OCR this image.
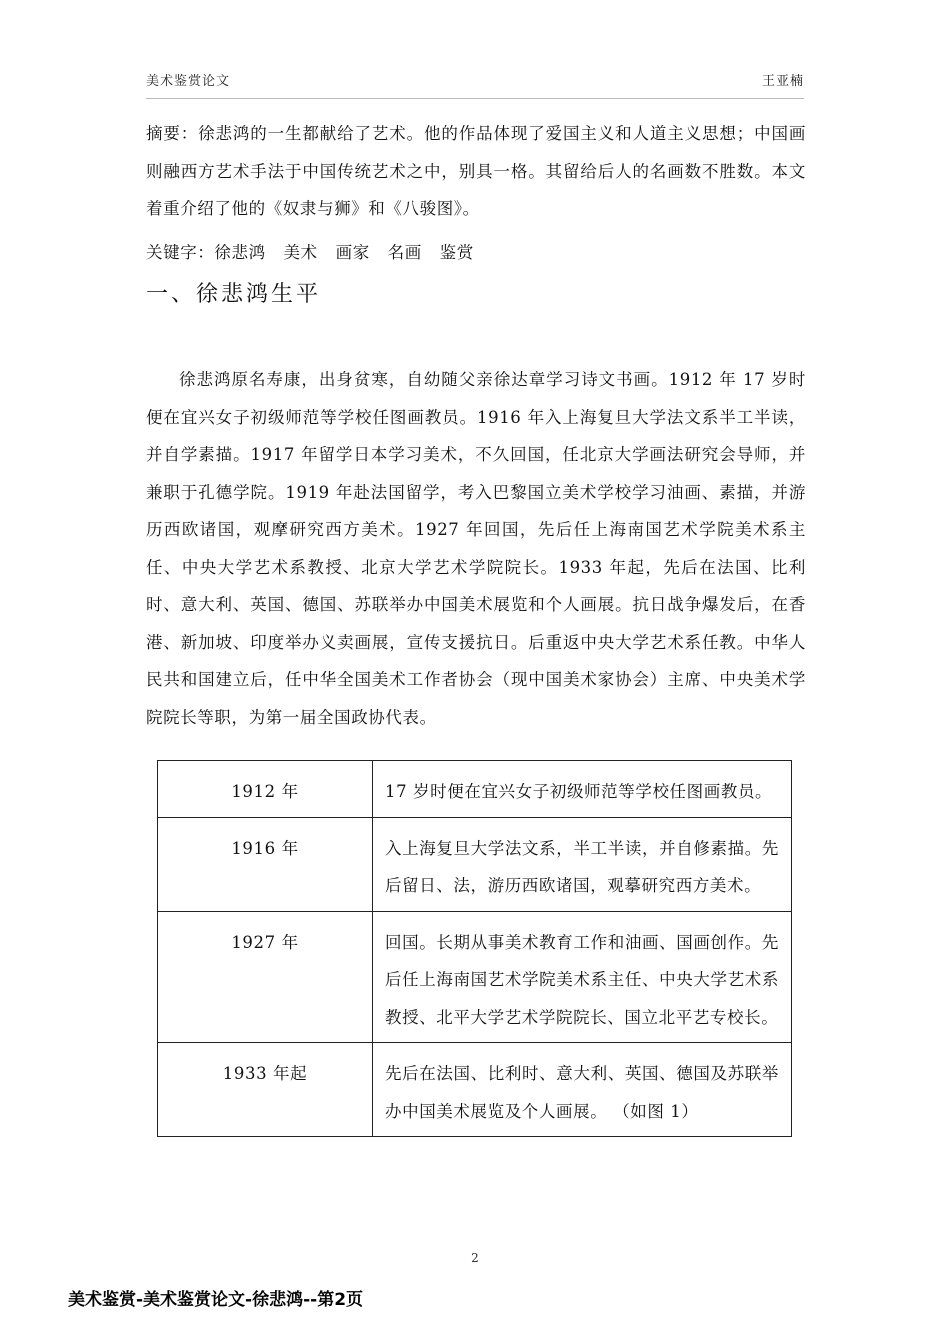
美术鉴赏论文	王亚楠

摘要：徐悲鸿的一生都献给了艺术。他的作品体现了爱国主义和人道主义思想；中国画则融西方艺术手法于中国传统艺术之中，别具一格。其留给后人的名画数不胜数。本文着重介绍了他的《奴隶与狮》和《八骏图》。

关键字：徐悲鸿 美术 画家 名画 鉴赏

一、徐悲鸿生平

徐悲鸿原名寿康，出身贫寒，自幼随父亲徐达章学习诗文书画。1912 年 17 岁时便在宜兴女子初级师范等学校任图画教员。1916 年入上海复旦大学法文系半工半读，并自学素描。1917 年留学日本学习美术，不久回国，任北京大学画法研究会导师，并兼职于孔德学院。1919 年赴法国留学，考入巴黎国立美术学校学习油画、素描，并游历西欧诸国，观摩研究西方美术。1927 年回国，先后任上海南国艺术学院美术系主任、中央大学艺术系教授、北京大学艺术学院院长。1933 年起，先后在法国、比利时、意大利、英国、德国、苏联举办中国美术展览和个人画展。抗日战争爆发后，在香港、新加坡、印度举办义卖画展，宣传支援抗日。后重返中央大学艺术系任教。中华人民共和国建立后，任中华全国美术工作者协会（现中国美术家协会）主席、中央美术学院院长等职，为第一届全国政协代表。

1912 年	17 岁时便在宜兴女子初级师范等学校任图画教员。
1916 年	入上海复旦大学法文系，半工半读，并自修素描。先后留日、法，游历西欧诸国，观摹研究西方美术。
1927 年	回国。长期从事美术教育工作和油画、国画创作。先后任上海南国艺术学院美术系主任、中央大学艺术系教授、北平大学艺术学院院长、国立北平艺专校长。
1933 年起	先后在法国、比利时、意大利、英国、德国及苏联举办中国美术展览及个人画展。 （如图 1）
2
美术鉴赏-美术鉴赏论文-徐悲鸿--第2页
